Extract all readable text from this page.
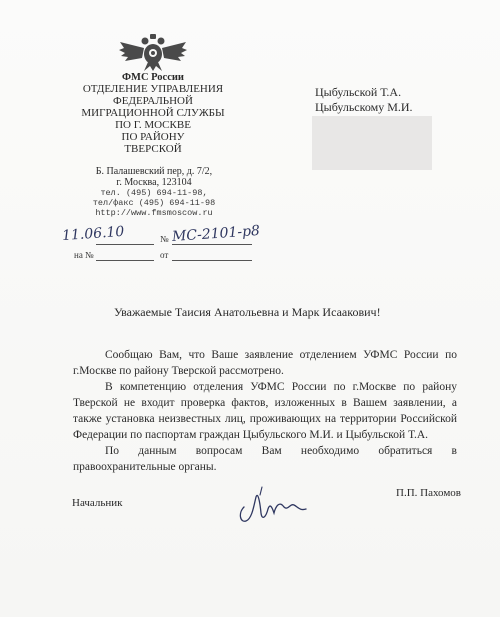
ФМС России
ОТДЕЛЕНИЕ УПРАВЛЕНИЯ
ФЕДЕРАЛЬНОЙ
МИГРАЦИОННОЙ СЛУЖБЫ
ПО Г. МОСКВЕ
ПО РАЙОНУ
ТВЕРСКОЙ
Б. Палашевский пер, д. 7/2,
г. Москва, 123104
тел. (495) 694-11-98,
тел/факс (495) 694-11-98
http://www.fmsmoscow.ru
Цыбульской Т.А.
Цыбульскому М.И.
11.06.10	№ МС-2101-р8
на №	от
Уважаемые Таисия Анатольевна и Марк Исаакович!
Сообщаю Вам, что Ваше заявление отделением УФМС России по г.Москве по району Тверской рассмотрено.
В компетенцию отделения УФМС России по г.Москве по району Тверской не входит проверка фактов, изложенных в Вашем заявлении, а также установка неизвестных лиц, проживающих на территории Российской Федерации по паспортам граждан Цыбульского М.И. и Цыбульской Т.А.
По данным вопросам Вам необходимо обратиться в правоохранительные органы.
Начальник
П.П. Пахомов
